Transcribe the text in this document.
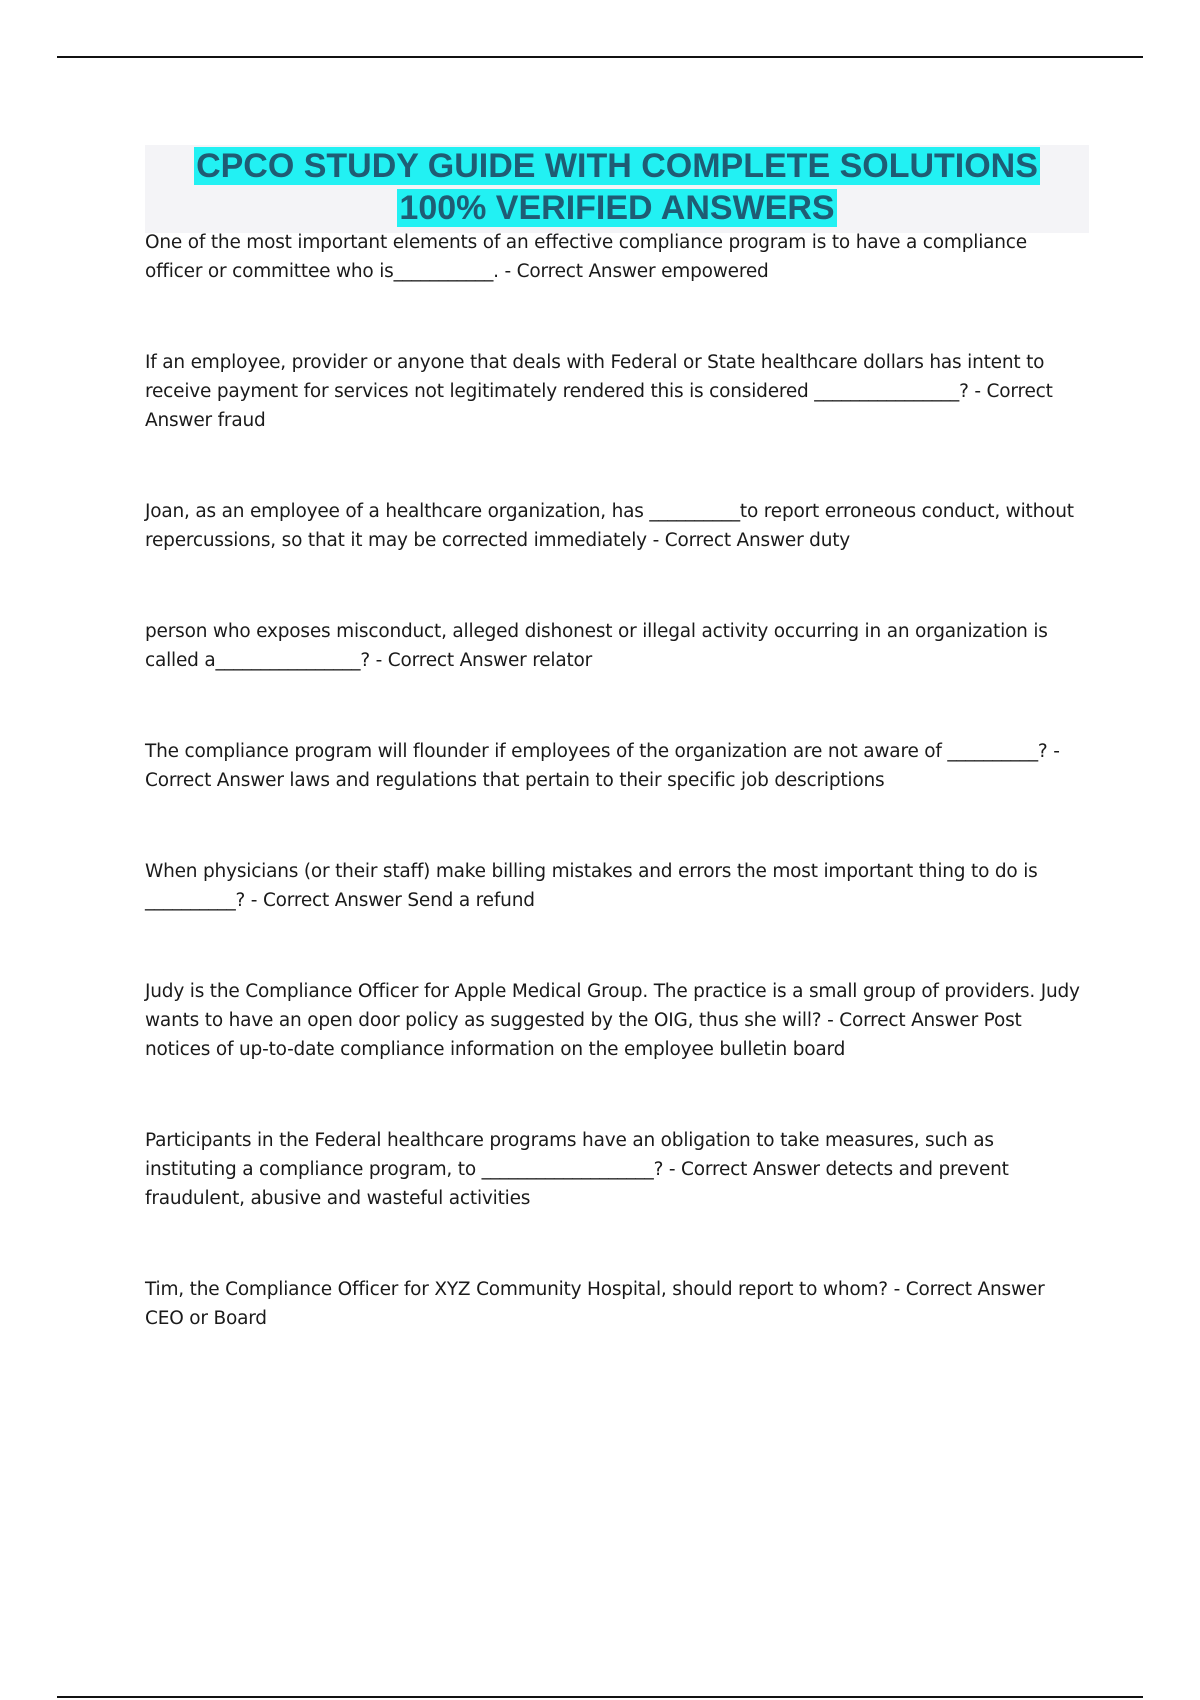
CPCO STUDY GUIDE WITH COMPLETE SOLUTIONS
100% VERIFIED ANSWERS
One of the most important elements of an effective compliance program is to have a compliance officer or committee who is___________. - Correct Answer empowered
If an employee, provider or anyone that deals with Federal or State healthcare dollars has intent to receive payment for services not legitimately rendered this is considered ________________? - Correct Answer fraud
Joan, as an employee of a healthcare organization, has __________to report erroneous conduct, without repercussions, so that it may be corrected immediately - Correct Answer duty
person who exposes misconduct, alleged dishonest or illegal activity occurring in an organization is called a________________? - Correct Answer relator
The compliance program will flounder if employees of the organization are not aware of __________? - Correct Answer laws and regulations that pertain to their specific job descriptions
When physicians (or their staff) make billing mistakes and errors the most important thing to do is __________? - Correct Answer Send a refund
Judy is the Compliance Officer for Apple Medical Group. The practice is a small group of providers. Judy wants to have an open door policy as suggested by the OIG, thus she will? - Correct Answer Post notices of up-to-date compliance information on the employee bulletin board
Participants in the Federal healthcare programs have an obligation to take measures, such as instituting a compliance program, to ___________________? - Correct Answer detects and prevent fraudulent, abusive and wasteful activities
Tim, the Compliance Officer for XYZ Community Hospital, should report to whom? - Correct Answer CEO or Board
